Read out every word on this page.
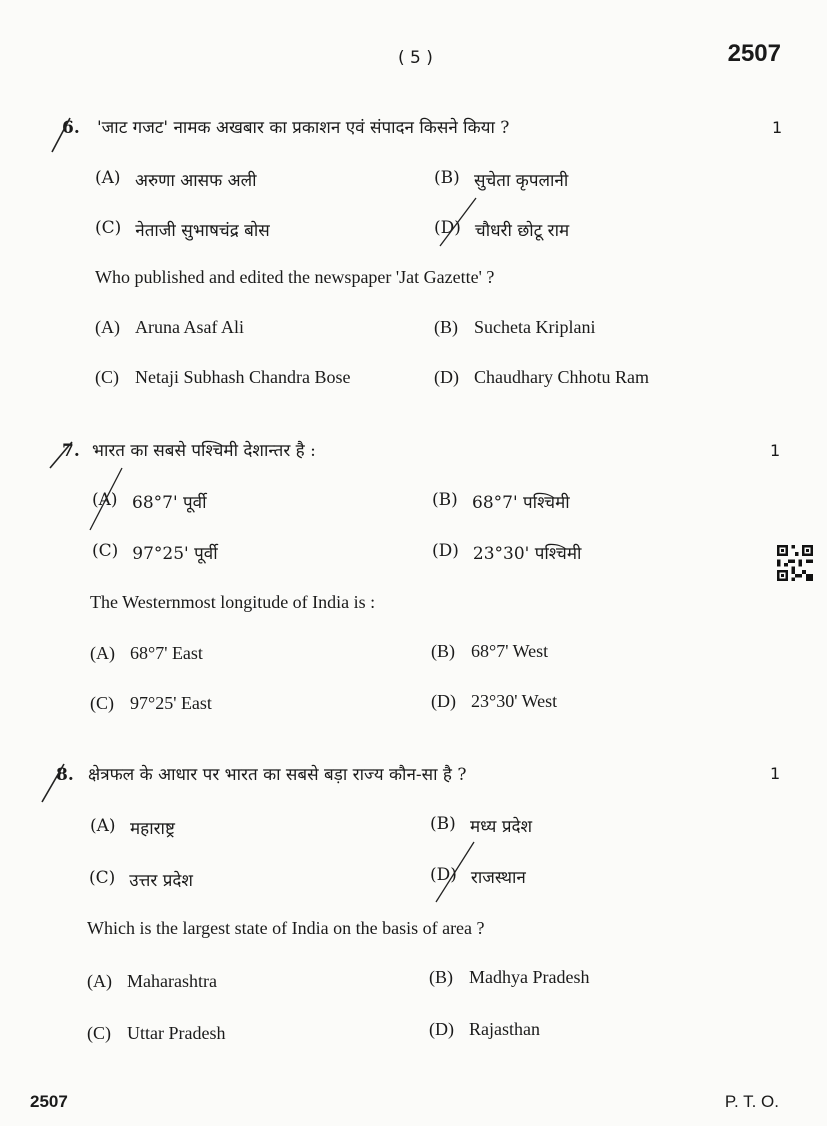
( 5 )	2507
6. 'जाट गजट' नामक अखबार का प्रकाशन एवं संपादन किसने किया ?	1
(A) अरुणा आसफ अली	(B) सुचेता कृपलानी
(C) नेताजी सुभाषचंद्र बोस	(D) चौधरी छोटू राम
Who published and edited the newspaper 'Jat Gazette' ?
(A) Aruna Asaf Ali	(B) Sucheta Kriplani
(C) Netaji Subhash Chandra Bose	(D) Chaudhary Chhotu Ram
7. भारत का सबसे पश्चिमी देशान्तर है :	1
(A) 68°7' पूर्वी	(B) 68°7' पश्चिमी
(C) 97°25' पूर्वी	(D) 23°30' पश्चिमी
The Westernmost longitude of India is :
(A) 68°7' East	(B) 68°7' West
(C) 97°25' East	(D) 23°30' West
8. क्षेत्रफल के आधार पर भारत का सबसे बड़ा राज्य कौन-सा है ?	1
(A) महाराष्ट्र	(B) मध्य प्रदेश
(C) उत्तर प्रदेश	(D) राजस्थान
Which is the largest state of India on the basis of area ?
(A) Maharashtra	(B) Madhya Pradesh
(C) Uttar Pradesh	(D) Rajasthan
2507	P. T. O.
